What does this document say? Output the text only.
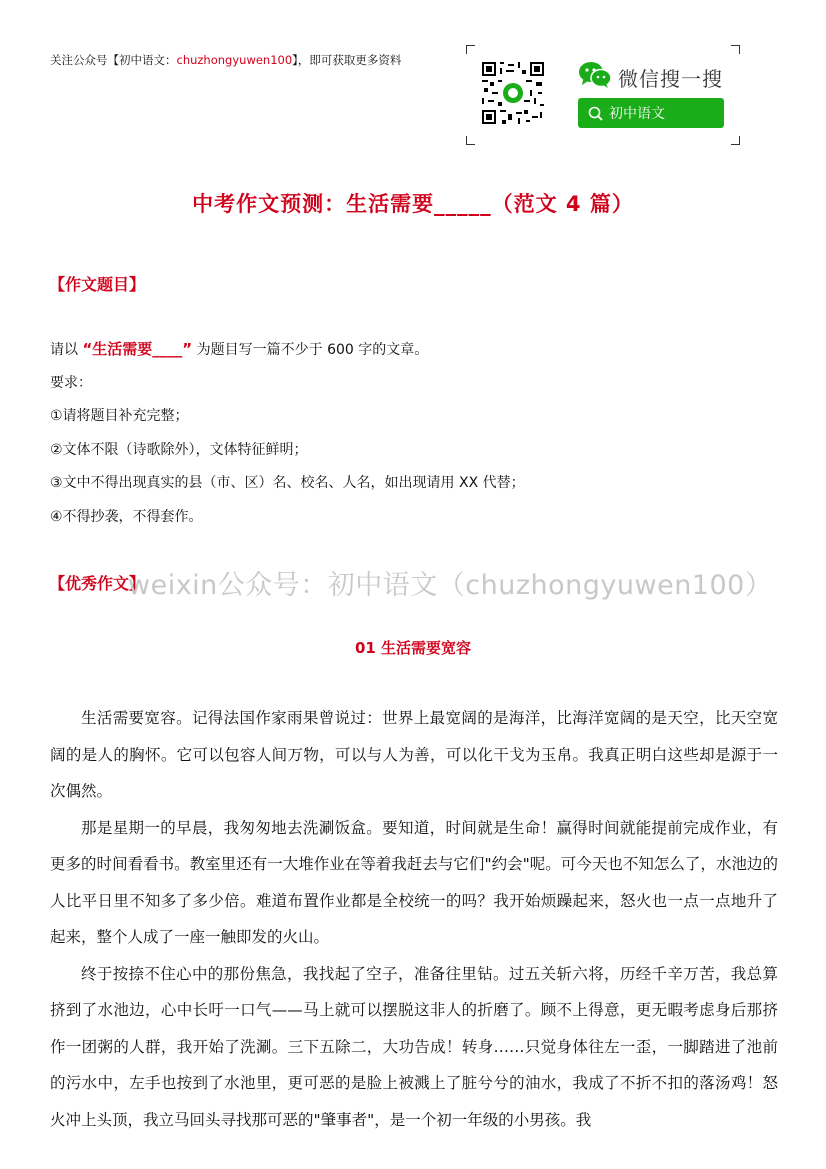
关注公众号【初中语文：chuzhongyuwen100】，即可获取更多资料
微信搜一搜
初中语文
中考作文预测：生活需要_____（范文 4 篇）
【作文题目】
请以 “生活需要____” 为题目写一篇不少于 600 字的文章。
要求：
①请将题目补充完整；
②文体不限（诗歌除外），文体特征鲜明；
③文中不得出现真实的县（市、区）名、校名、人名，如出现请用 XX 代替；
④不得抄袭，不得套作。
【优秀作文】
weixin公众号：初中语文（chuzhongyuwen100）
01 生活需要宽容

生活需要宽容。记得法国作家雨果曾说过：世界上最宽阔的是海洋，比海洋宽阔的是天空，比天空宽阔的是人的胸怀。它可以包容人间万物，可以与人为善，可以化干戈为玉帛。我真正明白这些却是源于一次偶然。

那是星期一的早晨，我匆匆地去洗涮饭盒。要知道，时间就是生命！赢得时间就能提前完成作业，有更多的时间看看书。教室里还有一大堆作业在等着我赶去与它们"约会"呢。可今天也不知怎么了，水池边的人比平日里不知多了多少倍。难道布置作业都是全校统一的吗？我开始烦躁起来，怒火也一点一点地升了起来，整个人成了一座一触即发的火山。

终于按捺不住心中的那份焦急，我找起了空子，准备往里钻。过五关斩六将，历经千辛万苦，我总算挤到了水池边，心中长吁一口气——马上就可以摆脱这非人的折磨了。顾不上得意，更无暇考虑身后那挤作一团粥的人群，我开始了洗涮。三下五除二，大功告成！转身……只觉身体往左一歪，一脚踏进了池前的污水中，左手也按到了水池里，更可恶的是脸上被溅上了脏兮兮的油水，我成了不折不扣的落汤鸡！怒火冲上头顶，我立马回头寻找那可恶的"肇事者"，是一个初一年级的小男孩。我
